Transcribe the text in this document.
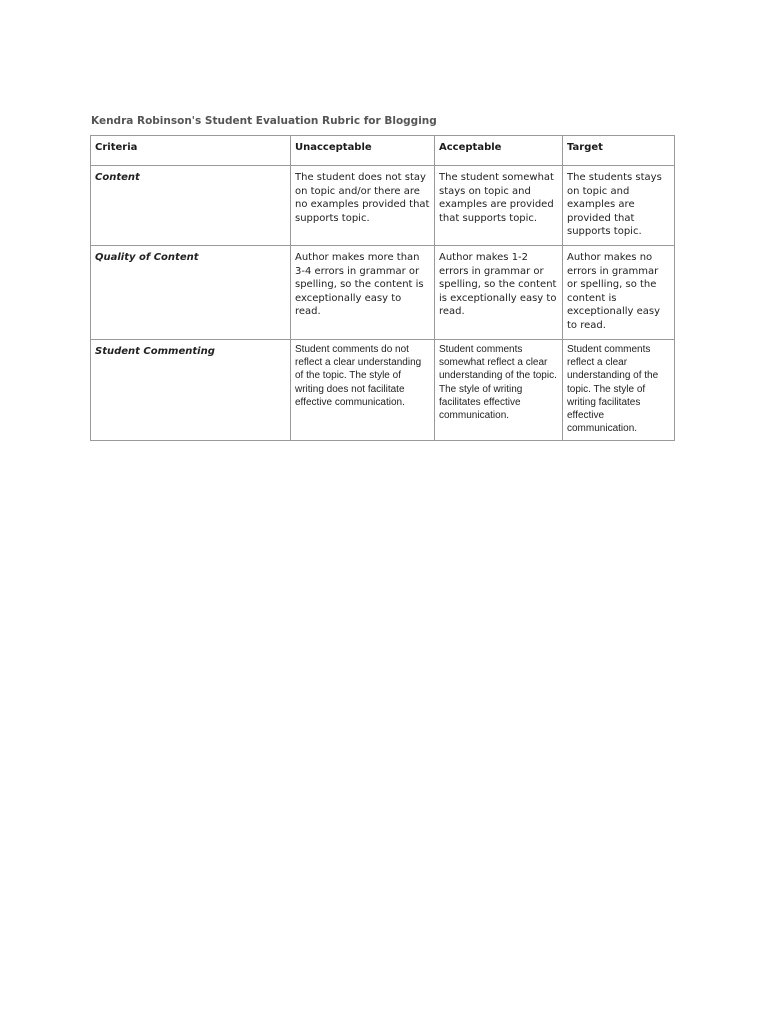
Kendra Robinson's Student Evaluation Rubric for Blogging
Criteria	Unacceptable	Acceptable	Target
Content	The student does not stay on topic and/or there are no examples provided that supports topic.	The student somewhat stays on topic and examples are provided that supports topic.	The students stays on topic and examples are provided that supports topic.
Quality of Content	Author makes more than 3-4 errors in grammar or spelling, so the content is exceptionally easy to read.	Author makes 1-2 errors in grammar or spelling, so the content is exceptionally easy to read.	Author makes no errors in grammar or spelling, so the content is exceptionally easy to read.
Student Commenting	Student comments do not reflect a clear understanding of the topic. The style of writing does not facilitate effective communication.	Student comments somewhat reflect a clear understanding of the topic. The style of writing facilitates effective communication.	Student comments reflect a clear understanding of the topic. The style of writing facilitates effective communication.
